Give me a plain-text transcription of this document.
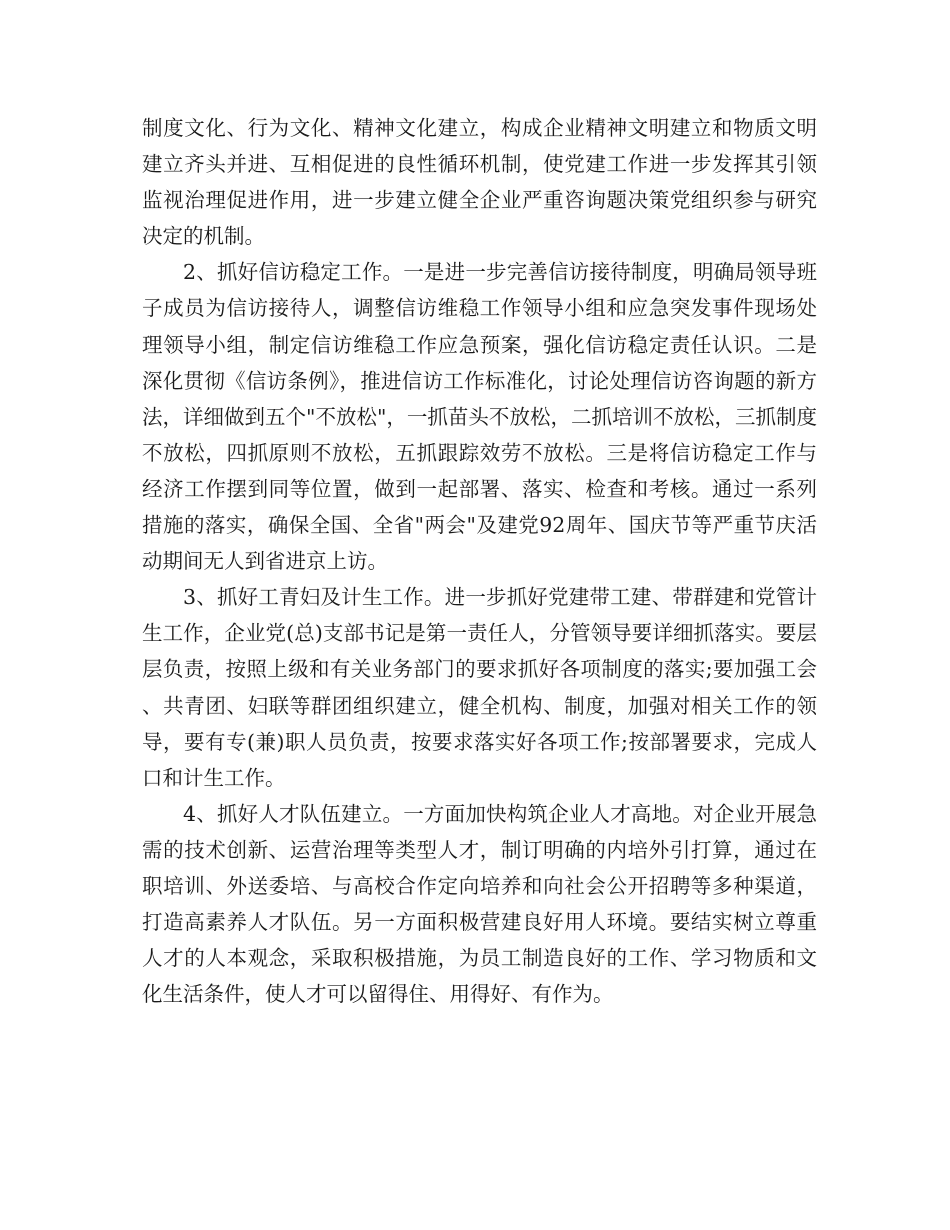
制度文化、行为文化、精神文化建立，构成企业精神文明建立和物质文明建立齐头并进、互相促进的良性循环机制，使党建工作进一步发挥其引领监视治理促进作用，进一步建立健全企业严重咨询题决策党组织参与研究决定的机制。

2、抓好信访稳定工作。一是进一步完善信访接待制度，明确局领导班子成员为信访接待人，调整信访维稳工作领导小组和应急突发事件现场处理领导小组，制定信访维稳工作应急预案，强化信访稳定责任认识。二是深化贯彻《信访条例》，推进信访工作标准化，讨论处理信访咨询题的新方法，详细做到五个"不放松"，一抓苗头不放松，二抓培训不放松，三抓制度不放松，四抓原则不放松，五抓跟踪效劳不放松。三是将信访稳定工作与经济工作摆到同等位置，做到一起部署、落实、检查和考核。通过一系列措施的落实，确保全国、全省"两会"及建党92周年、国庆节等严重节庆活动期间无人到省进京上访。

3、抓好工青妇及计生工作。进一步抓好党建带工建、带群建和党管计生工作，企业党(总)支部书记是第一责任人，分管领导要详细抓落实。要层层负责，按照上级和有关业务部门的要求抓好各项制度的落实;要加强工会、共青团、妇联等群团组织建立，健全机构、制度，加强对相关工作的领导，要有专(兼)职人员负责，按要求落实好各项工作;按部署要求，完成人口和计生工作。

4、抓好人才队伍建立。一方面加快构筑企业人才高地。对企业开展急需的技术创新、运营治理等类型人才，制订明确的内培外引打算，通过在职培训、外送委培、与高校合作定向培养和向社会公开招聘等多种渠道，打造高素养人才队伍。另一方面积极营建良好用人环境。要结实树立尊重人才的人本观念，采取积极措施，为员工制造良好的工作、学习物质和文化生活条件，使人才可以留得住、用得好、有作为。
